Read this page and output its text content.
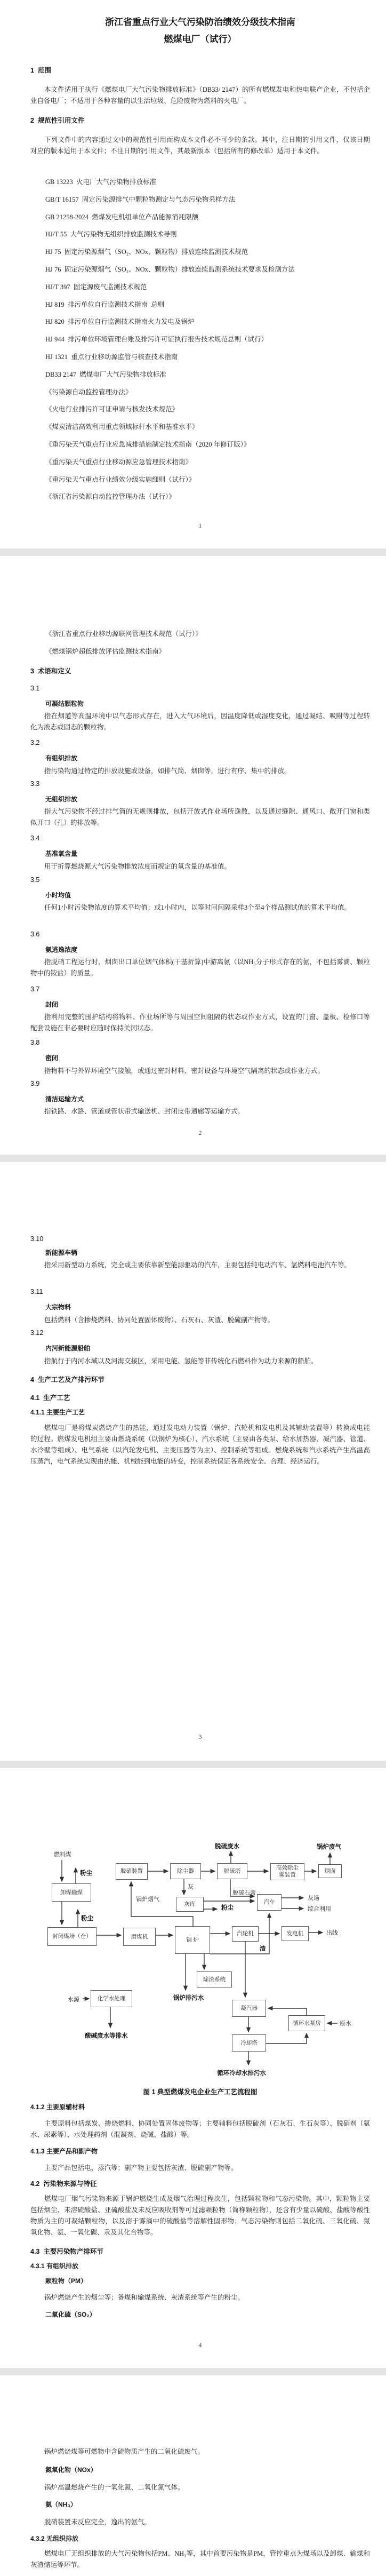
浙江省重点行业大气污染防治绩效分级技术指南
燃煤电厂（试行）
1  范围
本文件适用于执行《燃煤电厂大气污染物排放标准》（DB33/ 2147）的所有燃煤发电和热电联产企业，不包括企业自备电厂；不适用于各种容量的以生活垃圾、危险废物为燃料的火电厂。
2  规范性引用文件
下列文件中的内容通过文中的规范性引用而构成本文件必不可少的条款。其中，注日期的引用文件，仅该日期对应的版本适用于本文件；不注日期的引用文件，其最新版本（包括所有的修改单）适用于本文件。
GB 13223  火电厂大气污染物排放标准
GB/T 16157  固定污染源排气中颗粒物测定与气态污染物采样方法
GB 21258-2024  燃煤发电机组单位产品能源消耗限额
HJ/T 55  大气污染物无组织排放监测技术导则
HJ 75  固定污染源烟气（SO₂、NOx、颗粒物）排放连续监测技术规范
HJ 76  固定污染源烟气（SO₂、NOx、颗粒物）排放连续监测系统技术要求及检测方法
HJ/T 397  固定源废气监测技术规范
HJ 819  排污单位自行监测技术指南  总则
HJ 820  排污单位自行监测技术指南火力发电及锅炉
HJ 944  排污单位环境管理台账及排污许可证执行报告技术规范总则（试行）
HJ 1321  重点行业移动源监管与核查技术指南
DB33 2147  燃煤电厂大气污染物排放标准
《污染源自动监控管理办法》
《火电行业排污许可证申请与核发技术规范》
《煤炭清洁高效利用重点领域标杆水平和基准水平》
《重污染天气重点行业应急减排措施制定技术指南（2020 年修订版）》
《重污染天气重点行业移动源应急管理技术指南》
《重污染天气重点行业绩效分级实施细则（试行）》
《浙江省污染源自动监控管理办法（试行）》
1
《浙江省重点行业移动源联网管理技术规范（试行）》
《燃煤锅炉超低排放评估监测技术指南》
3  术语和定义
3.1
可凝结颗粒物
指在烟道等高温环境中以气态形式存在，进入大气环境后，因温度降低或湿度变化，通过凝结、吸附等过程转化为液态或固态的颗粒物。
3.2
有组织排放
指污染物通过特定的排放设施或设备，如排气筒、烟囱等，进行有序、集中的排放。
3.3
无组织排放
指大气污染物不经过排气筒的无规则排放，包括开放式作业场所逸散，以及通过缝隙、通风口、敞开门窗和类似开口（孔）的排放等。
3.4
基准氧含量
用于折算燃烧源大气污染物排放浓度而规定的氧含量的基准值。
3.5
小时均值
任何1小时污染物浓度的算术平均值；或1小时内，以等时间间隔采样3个至4个样品测试值的算术平均值。
3.6
氨逃逸浓度
指脱硝工程运行时，烟囱出口单位烟气体积(干基折算)中游离氨（以NH₃分子形式存在的氨，不包括雾滴、颗粒物中的铵盐）的质量。
3.7
封闭
指利用完整的围护结构将物料、作业场所等与周围空间阻隔的状态或作业方式，设置的门窗、盖板、检修口等配套设施在非必要时应随时保持关闭状态。
3.8
密闭
指物料不与外界环境空气接触，或通过密封材料、密封设备与环境空气隔离的状态或作业方式。
3.9
清洁运输方式
指铁路、水路、管道或管状带式输送机、封闭皮带通廊等运输方式。
2
3.10
新能源车辆
指采用新型动力系统，完全或主要依靠新型能源驱动的汽车，主要包括纯电动汽车、氢燃料电池汽车等。
3.11
大宗物料
包括燃料（含掺烧燃料、协同处置固体废物）、石灰石、灰渣、脱硫副产物等。
3.12
内河新能源船舶
指航行于内河水域以及河海交接区，采用电能、氢能等非传统化石燃料作为动力来源的船舶。
4  生产工艺及产排污环节
4.1  生产工艺
4.1.1 主要生产工艺
燃煤电厂是将煤炭燃烧产生的热能，通过发电动力装置（锅炉、汽轮机和发电机及其辅助装置等）转换成电能的过程。燃煤发电机组主要由燃烧系统（以锅炉为核心）、汽水系统（主要由各类泵、给水加热器、凝汽器、管道、水冷壁等组成）、电气系统（以汽轮发电机、主变压器等为主）、控制系统等组成。燃烧系统和汽水系统产生高温高压蒸汽，电气系统实现由热能、机械能到电能的转变，控制系统保证各系统安全、合理、经济运行。
3
卸煤输煤
封闭煤场（仓）	磨煤机
锅 炉
汽轮机	发电机
脱硝装置	除尘器	脱硫塔	高效除尘雾装置
烟囱
灰库	汽车
除渣系统
化学水处理
凝汽器
循环水泵房
冷却塔
燃料煤
粉尘
粉尘
粉尘
脱硫废水	锅炉废气
灰
脱硫石膏
锅炉烟气	灰场
综合利用
出线
渣
水源	锅炉排污水
原水
酸碱废水等排水
循环冷却水排污水
图 1 典型燃煤发电企业生产工艺流程图
4.1.2 主要原辅材料
主要原料包括煤炭、掺烧燃料、协同处置固体废物等；主要辅料包括脱硫剂（石灰石、生石灰等）、脱硝剂（氨水、尿素等）、水处理药剂（混凝剂、烧碱、盐酸）等。
4.1.3 主要产品和副产物
主要产品包括电、蒸汽等；副产物主要包括灰渣、脱硫副产物等。
4.2  污染物来源与特征
燃煤电厂烟气污染物来源于锅炉燃烧生成及烟气治理过程次生，包括颗粒物和气态污染物。其中，颗粒物主要包括烟尘、未溶硫酸盐、亚硫酸盐及未反应吸收剂等可过滤颗粒物（简称颗粒物），还含有少量以硫酸、盐酸等酸性物质为主的可凝结颗粒物，以及溶于雾滴中的硫酸盐等溶解性固形物；气态污染物则包括二氧化硫、三氧化硫、氮氧化物、氨、一氧化碳、汞及其化合物等。
4.3  主要污染物产排环节
4.3.1 有组织排放
颗粒物（PM）
锅炉燃烧产生的烟尘等；备煤和输煤系统、灰渣系统等产生的粉尘。
二氧化硫（SO₂）
4
锅炉燃烧煤等可燃物中含硫物质产生的二氧化硫废气。
氮氧化物（NOx）
锅炉高温燃烧产生的一氧化氮、二氧化氮气体。
氨（NH₃）
脱硝装置未反应完全，逸出的氨气。
4.3.2 无组织排放
燃煤电厂无组织排放的大气污染物包括PM、NH₃等，其中首要污染物是PM，管控重点为煤场以及卸煤、输煤和灰渣储运等环节。
